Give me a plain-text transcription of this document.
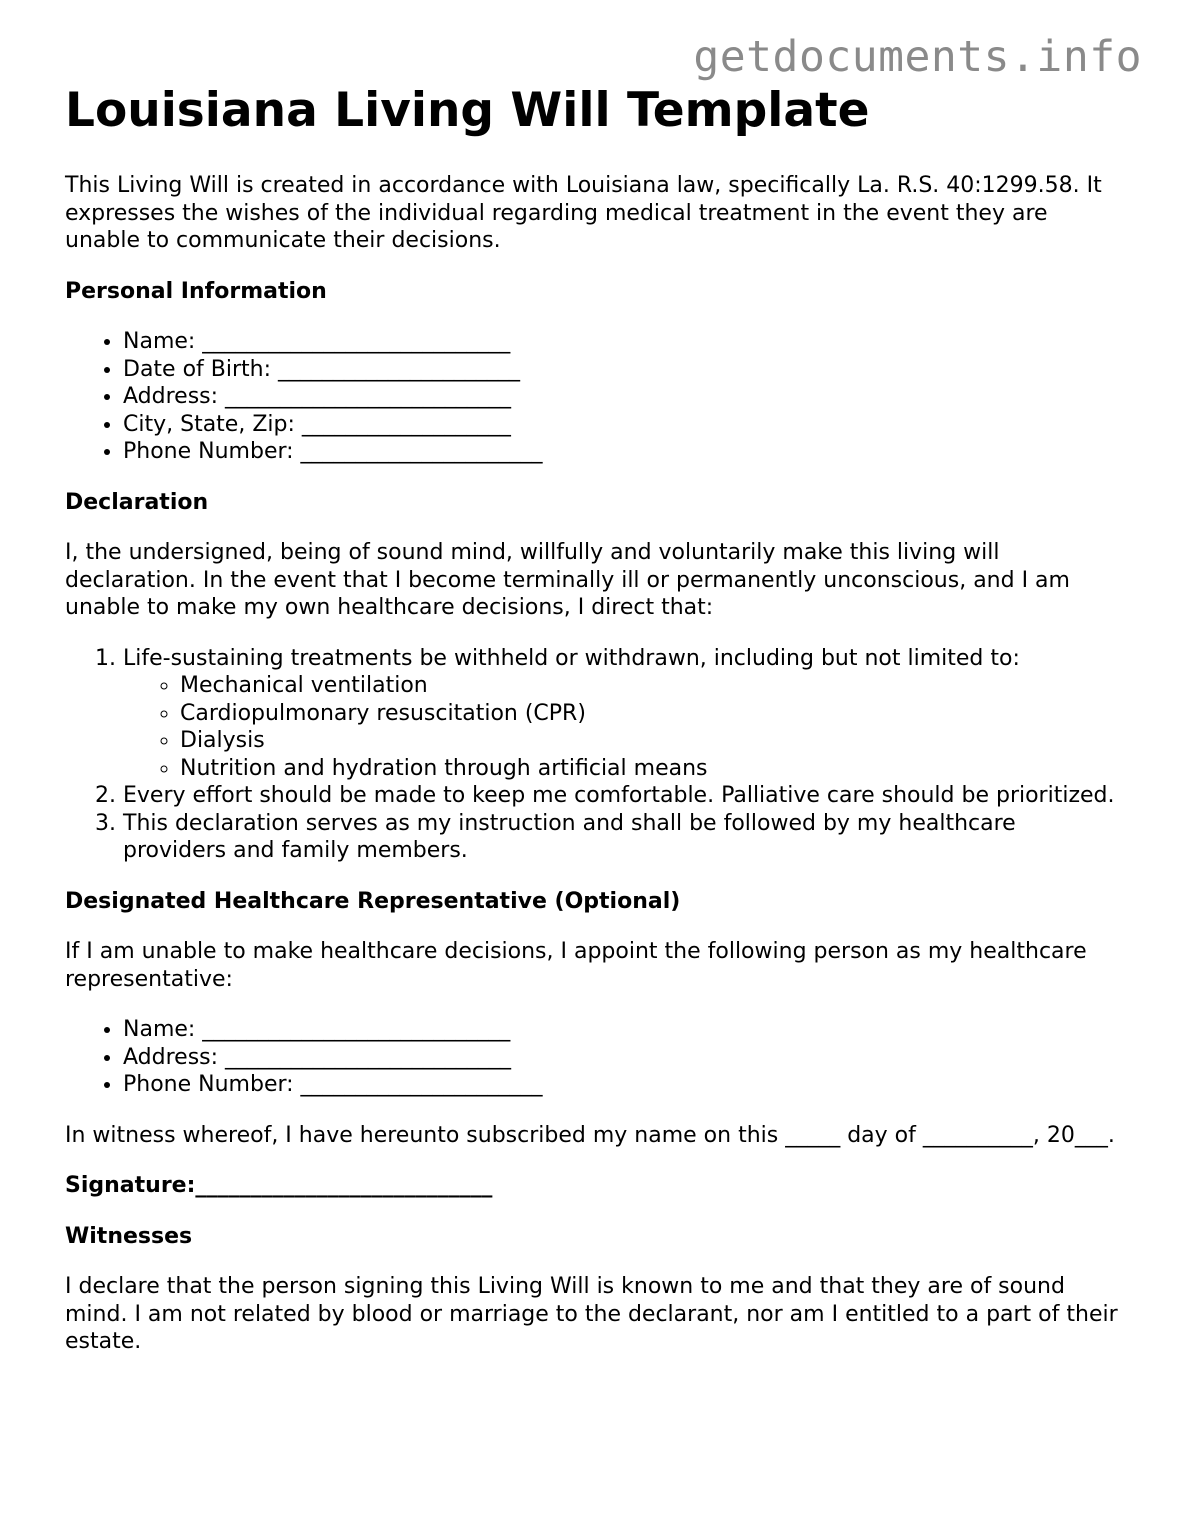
getdocuments.info
Louisiana Living Will Template

This Living Will is created in accordance with Louisiana law, specifically La. R.S. 40:1299.58. It expresses the wishes of the individual regarding medical treatment in the event they are unable to communicate their decisions.

Personal Information
• Name: ____________________________
• Date of Birth: ______________________
• Address: __________________________
• City, State, Zip: ___________________
• Phone Number: ______________________
Declaration

I, the undersigned, being of sound mind, willfully and voluntarily make this living will declaration. In the event that I become terminally ill or permanently unconscious, and I am unable to make my own healthcare decisions, I direct that:

1. Life-sustaining treatments be withheld or withdrawn, including but not limited to:
◦ Mechanical ventilation
◦ Cardiopulmonary resuscitation (CPR)
◦ Dialysis
◦ Nutrition and hydration through artificial means
2. Every effort should be made to keep me comfortable. Palliative care should be prioritized.
3. This declaration serves as my instruction and shall be followed by my healthcare providers and family members.
Designated Healthcare Representative (Optional)

If I am unable to make healthcare decisions, I appoint the following person as my healthcare representative:

• Name: ____________________________
• Address: __________________________
• Phone Number: ______________________

In witness whereof, I have hereunto subscribed my name on this _____ day of __________, 20___.

Signature:___________________________
Witnesses

I declare that the person signing this Living Will is known to me and that they are of sound mind. I am not related by blood or marriage to the declarant, nor am I entitled to a part of their estate.
